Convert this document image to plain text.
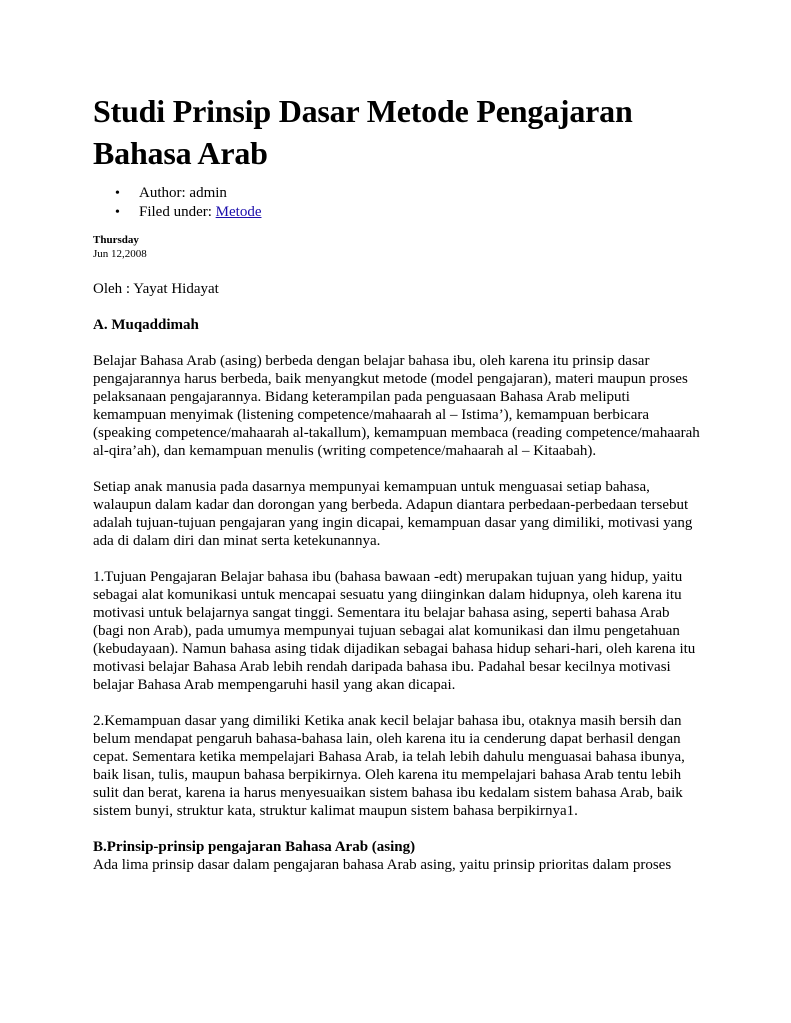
Studi Prinsip Dasar Metode Pengajaran Bahasa Arab
• Author: admin
• Filed under: Metode
Thursday
Jun 12,2008

Oleh : Yayat Hidayat

A. Muqaddimah

Belajar Bahasa Arab (asing) berbeda dengan belajar bahasa ibu, oleh karena itu prinsip dasar pengajarannya harus berbeda, baik menyangkut metode (model pengajaran), materi maupun proses pelaksanaan pengajarannya. Bidang keterampilan pada penguasaan Bahasa Arab meliputi kemampuan menyimak (listening competence/mahaarah al – Istima’), kemampuan berbicara (speaking competence/mahaarah al-takallum), kemampuan membaca (reading competence/mahaarah al-qira’ah), dan kemampuan menulis (writing competence/mahaarah al – Kitaabah).

Setiap anak manusia pada dasarnya mempunyai kemampuan untuk menguasai setiap bahasa, walaupun dalam kadar dan dorongan yang berbeda. Adapun diantara perbedaan-perbedaan tersebut adalah tujuan-tujuan pengajaran yang ingin dicapai, kemampuan dasar yang dimiliki, motivasi yang ada di dalam diri dan minat serta ketekunannya.

1.Tujuan Pengajaran Belajar bahasa ibu (bahasa bawaan -edt) merupakan tujuan yang hidup, yaitu sebagai alat komunikasi untuk mencapai sesuatu yang diinginkan dalam hidupnya, oleh karena itu motivasi untuk belajarnya sangat tinggi. Sementara itu belajar bahasa asing, seperti bahasa Arab (bagi non Arab), pada umumya mempunyai tujuan sebagai alat komunikasi dan ilmu pengetahuan (kebudayaan). Namun bahasa asing tidak dijadikan sebagai bahasa hidup sehari-hari, oleh karena itu motivasi belajar Bahasa Arab lebih rendah daripada bahasa ibu. Padahal besar kecilnya motivasi belajar Bahasa Arab mempengaruhi hasil yang akan dicapai.

2.Kemampuan dasar yang dimiliki Ketika anak kecil belajar bahasa ibu, otaknya masih bersih dan belum mendapat pengaruh bahasa-bahasa lain, oleh karena itu ia cenderung dapat berhasil dengan cepat. Sementara ketika mempelajari Bahasa Arab, ia telah lebih dahulu menguasai bahasa ibunya, baik lisan, tulis, maupun bahasa berpikirnya. Oleh karena itu mempelajari bahasa Arab tentu lebih sulit dan berat, karena ia harus menyesuaikan sistem bahasa ibu kedalam sistem bahasa Arab, baik sistem bunyi, struktur kata, struktur kalimat maupun sistem bahasa berpikirnya1.

B.Prinsip-prinsip pengajaran Bahasa Arab (asing)

Ada lima prinsip dasar dalam pengajaran bahasa Arab asing, yaitu prinsip prioritas dalam proses
